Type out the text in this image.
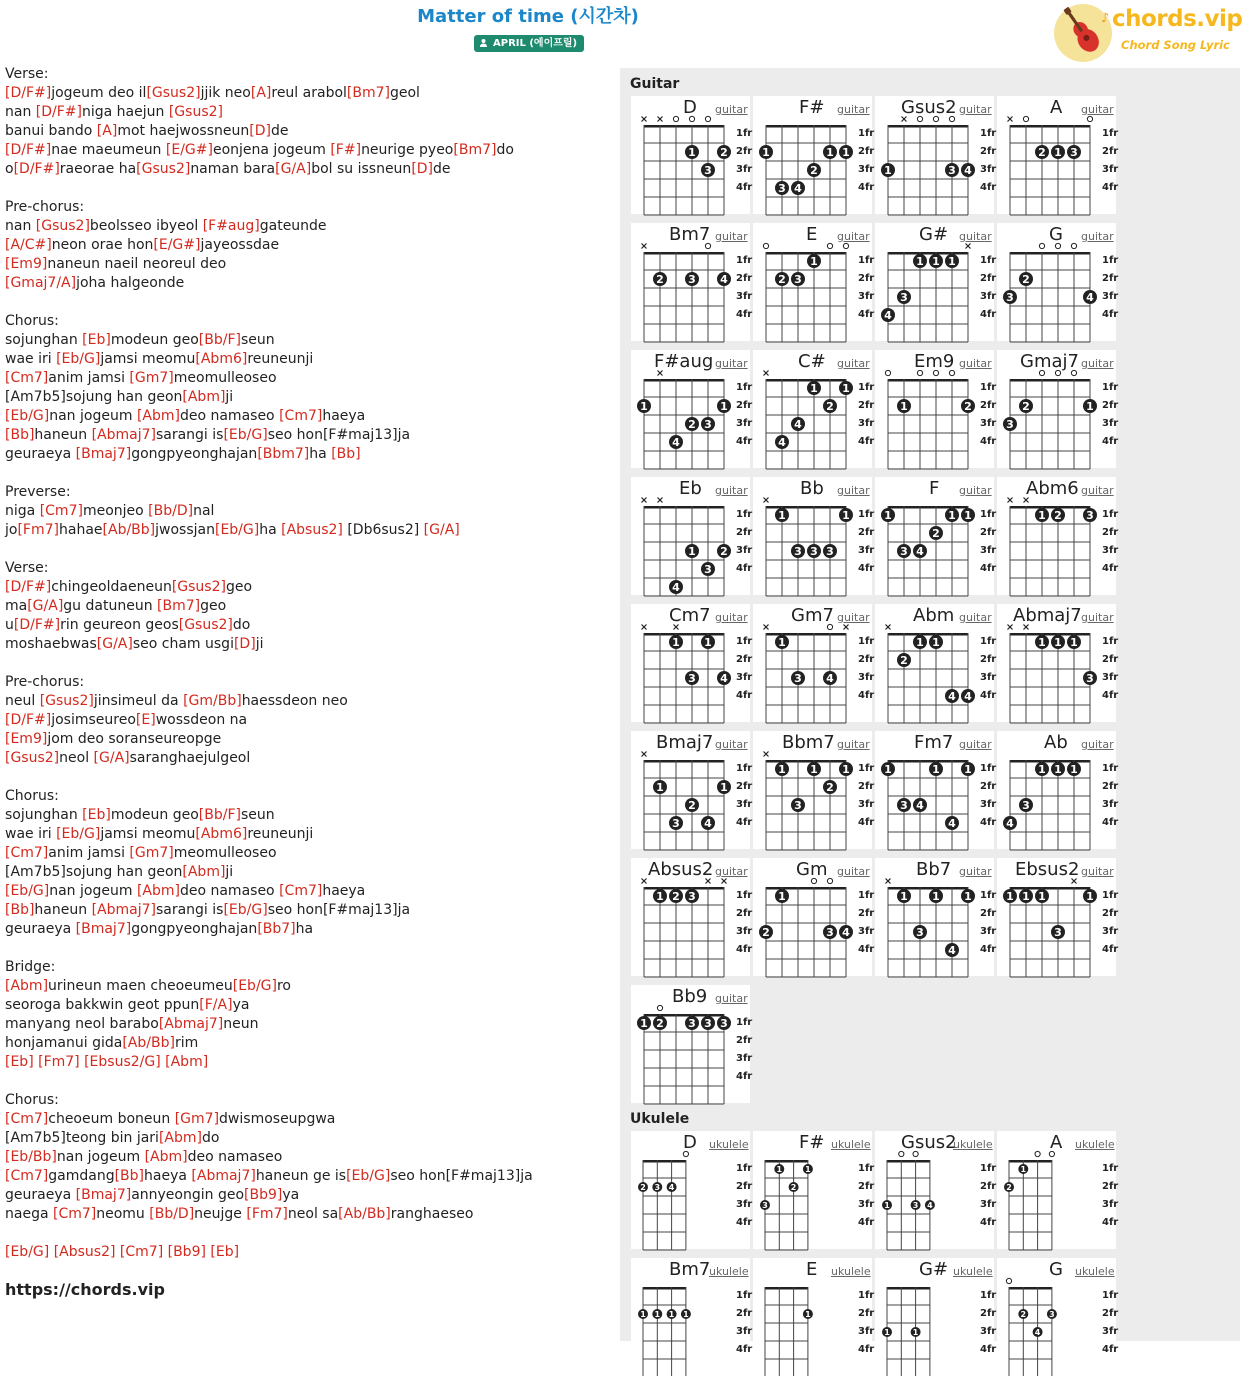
Matter of time (시간차)
APRIL (에이프릴)
♪ chords.vip
Chord Song Lyric
Verse:
[D/F#]jogeum deo il[Gsus2]jjik neo[A]reul arabol[Bm7]geol
nan [D/F#]niga haejun [Gsus2]
banui bando [A]mot haejwossneun[D]de
[D/F#]nae maeumeun [E/G#]eonjena jogeum [F#]neurige pyeo[Bm7]do
o[D/F#]raeorae ha[Gsus2]naman bara[G/A]bol su issneun[D]de

Pre-chorus:
nan [Gsus2]beolsseo ibyeol [F#aug]gateunde
[A/C#]neon orae hon[E/G#]jayeossdae
[Em9]naneun naeil neoreul deo
[Gmaj7/A]joha halgeonde

Chorus:
sojunghan [Eb]modeun geo[Bb/F]seun
wae iri [Eb/G]jamsi meomu[Abm6]reuneunji
[Cm7]anim jamsi [Gm7]meomulleoseo
[Am7b5]sojung han geon[Abm]ji
[Eb/G]nan jogeum [Abm]deo namaseo [Cm7]haeya
[Bb]haneun [Abmaj7]sarangi is[Eb/G]seo hon[F#maj13]ja
geuraeya [Bmaj7]gongpyeonghajan[Bbm7]ha [Bb]

Preverse:
niga [Cm7]meonjeo [Bb/D]nal
jo[Fm7]hahae[Ab/Bb]jwossjan[Eb/G]ha [Absus2] [Db6sus2] [G/A]

Verse:
[D/F#]chingeoldaeneun[Gsus2]geo
ma[G/A]gu datuneun [Bm7]geo
u[D/F#]rin geureon geos[Gsus2]do
moshaebwas[G/A]seo cham usgi[D]ji

Pre-chorus:
neul [Gsus2]jinsimeul da [Gm/Bb]haessdeon neo
[D/F#]josimseureo[E]wossdeon na
[Em9]jom deo soranseureopge
[Gsus2]neol [G/A]saranghaejulgeol

Chorus:
sojunghan [Eb]modeun geo[Bb/F]seun
wae iri [Eb/G]jamsi meomu[Abm6]reuneunji
[Cm7]anim jamsi [Gm7]meomulleoseo
[Am7b5]sojung han geon[Abm]ji
[Eb/G]nan jogeum [Abm]deo namaseo [Cm7]haeya
[Bb]haneun [Abmaj7]sarangi is[Eb/G]seo hon[F#maj13]ja
geuraeya [Bmaj7]gongpyeonghajan[Bb7]ha

Bridge:
[Abm]urineun maen cheoeumeu[Eb/G]ro
seoroga bakkwin geot ppun[F/A]ya
manyang neol barabo[Abmaj7]neun
honjamanui gida[Ab/Bb]rim
[Eb] [Fm7] [Ebsus2/G] [Abm]

Chorus:
[Cm7]cheoeum boneun [Gm7]dwismoseupgwa
[Am7b5]teong bin jari[Abm]do
[Eb/Bb]nan jogeum [Abm]deo namaseo
[Cm7]gamdang[Bb]haeya [Abmaj7]haneun ge is[Eb/G]seo hon[F#maj13]ja
geuraeya [Bmaj7]annyeongin geo[Bb9]ya
naega [Cm7]neomu [Bb/D]neujge [Fm7]neol sa[Ab/Bb]ranghaeseo

[Eb/G] [Absus2] [Cm7] [Bb9] [Eb]
https://chords.vip
Guitar
Ukulele
1 2
3
D guitar
1fr
2fr
3fr
4fr
1	1 1
2
3 4
F# guitar
1fr
2fr
3fr
4fr
1	3 4
Gsus2 guitar
1fr
2fr
3fr
4fr
2 1 3
A guitar
1fr
2fr
3fr
4fr
2 3 4
Bm7 guitar
1fr
2fr
3fr
4fr
1
2 3
E guitar
1fr
2fr
3fr
4fr
1 1 1
3
4
G# guitar
1fr
2fr
3fr
4fr
2
3	4
G guitar
1fr
2fr
3fr
4fr
1	1
2 3
4
F#aug guitar
1fr
2fr
3fr
4fr
1 1
2
4
4
C# guitar
1fr
2fr
3fr
4fr
1	2
Em9 guitar
1fr
2fr
3fr
4fr
2	1
3
Gmaj7 guitar
1fr
2fr
3fr
4fr
1 2
3
4
Eb guitar
1fr
2fr
3fr
4fr
1	1
3 3 3
Bb guitar
1fr
2fr
3fr
4fr
1	1 1
2
3 4
F guitar
1fr
2fr
3fr
4fr
1 2 3
Abm6 guitar
1fr
2fr
3fr
4fr
1 1
3 4
Cm7 guitar
1fr
2fr
3fr
4fr
1
3 4
Gm7 guitar
1fr
2fr
3fr
4fr
1 1
2
4 4
Abm guitar
1fr
2fr
3fr
4fr
1 1 1
3
Abmaj7 guitar
1fr
2fr
3fr
4fr
1	1
2
3 4
Bmaj7 guitar
1fr
2fr
3fr
4fr
1 1 1
2
3
Bbm7 guitar
1fr
2fr
3fr
4fr
1	1 1
3 4
4
Fm7 guitar
1fr
2fr
3fr
4fr
1 1 1
3
4
Ab guitar
1fr
2fr
3fr
4fr
1 2 3
Absus2 guitar
1fr
2fr
3fr
4fr
1
2	3 4
Gm guitar
1fr
2fr
3fr
4fr
1 1 1
3
4
Bb7 guitar
1fr
2fr
3fr
4fr
1 1 1	1
3
Ebsus2 guitar
1fr
2fr
3fr
4fr
1 2 3 3 3
Bb9 guitar
1fr
2fr
3fr
4fr
2 3 4
D ukulele
1fr
2fr
3fr
4fr
1	1
2
3
F# ukulele
1fr
2fr
3fr
4fr
1	3 4
Gsus2
ukulele
1fr
2fr
3fr
4fr
1
2
A ukulele
1fr
2fr
3fr
4fr
1 1 1 1
Bm7
ukulele
1fr
2fr
3fr
4fr
1
E ukulele
1fr
2fr
3fr
4fr
1	1
G# ukulele
1fr
2fr
3fr
4fr
2	3
4
G ukulele
1fr
2fr
3fr
4fr
